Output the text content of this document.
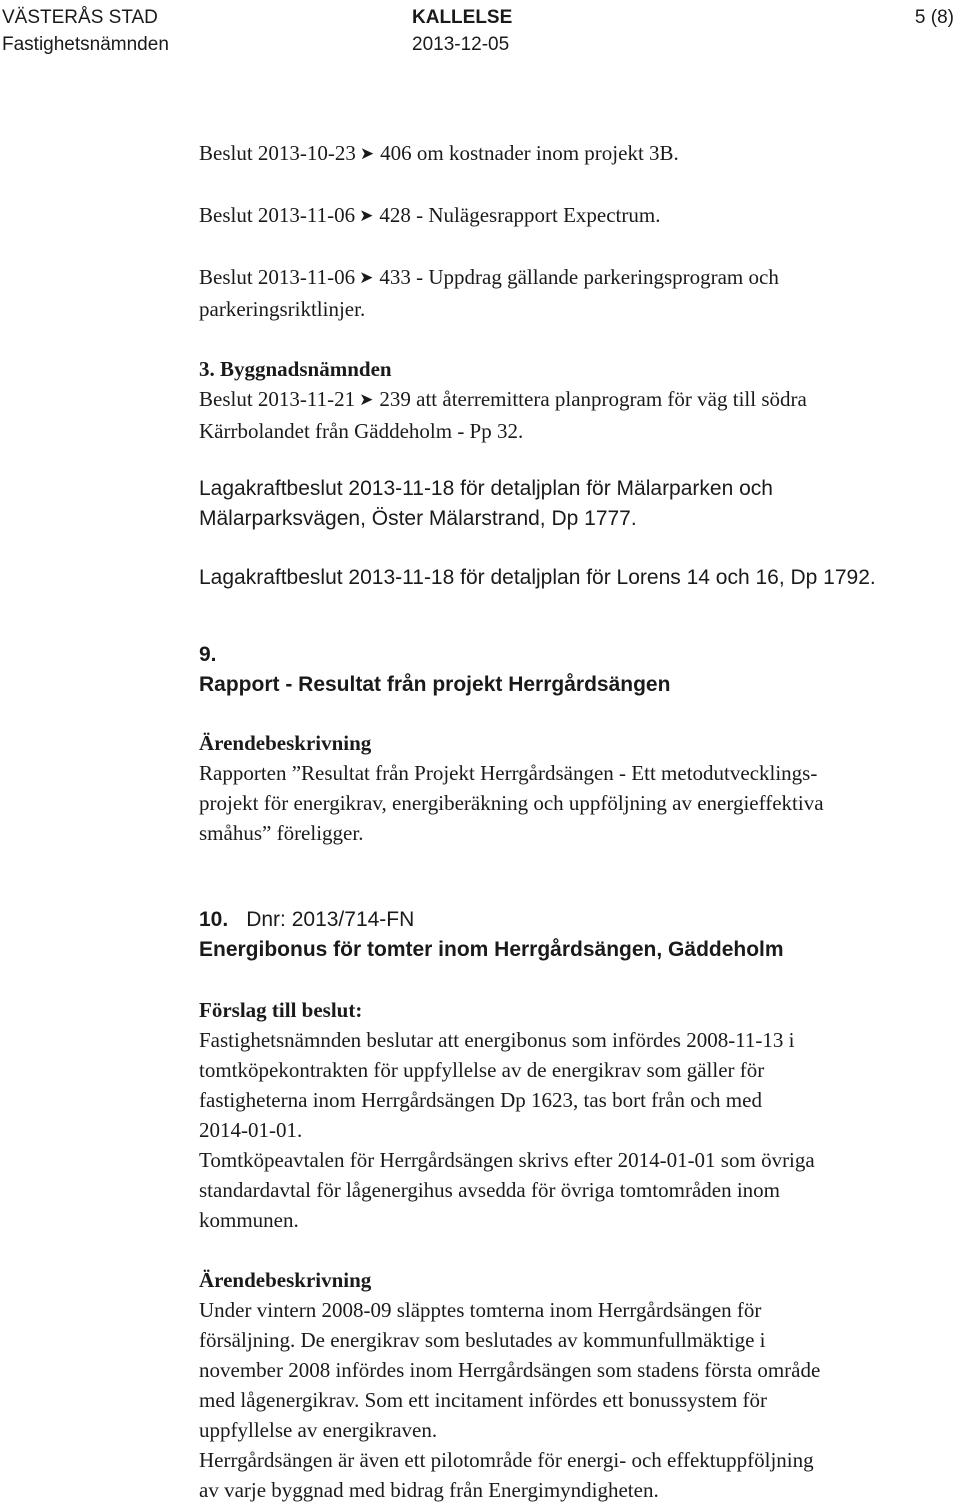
VÄSTERÅS STAD
Fastighetsnämnden
KALLELSE
2013-12-05
5 (8)

Beslut 2013-10-23 ➤ 406 om kostnader inom projekt 3B.

Beslut 2013-11-06 ➤ 428 - Nulägesrapport Expectrum.

Beslut 2013-11-06 ➤ 433 - Uppdrag gällande parkeringsprogram och
parkeringsriktlinjer.

3. Byggnadsnämnden

Beslut 2013-11-21 ➤ 239 att återremittera planprogram för väg till södra
Kärrbolandet från Gäddeholm - Pp 32.

Lagakraftbeslut 2013-11-18 för detaljplan för Mälarparken och
Mälarparksvägen, Öster Mälarstrand, Dp 1777.

Lagakraftbeslut 2013-11-18 för detaljplan för Lorens 14 och 16, Dp 1792.

9.

Rapport - Resultat från projekt Herrgårdsängen

Ärendebeskrivning

Rapporten ”Resultat från Projekt Herrgårdsängen - Ett metodutvecklings-
projekt för energikrav, energiberäkning och uppföljning av energieffektiva
småhus” föreligger.

10. Dnr: 2013/714-FN

Energibonus för tomter inom Herrgårdsängen, Gäddeholm

Förslag till beslut:

Fastighetsnämnden beslutar att energibonus som infördes 2008-11-13 i
tomtköpekontrakten för uppfyllelse av de energikrav som gäller för
fastigheterna inom Herrgårdsängen Dp 1623, tas bort från och med
2014-01-01.
Tomtköpeavtalen för Herrgårdsängen skrivs efter 2014-01-01 som övriga
standardavtal för lågenergihus avsedda för övriga tomtområden inom
kommunen.

Ärendebeskrivning

Under vintern 2008-09 släpptes tomterna inom Herrgårdsängen för
försäljning. De energikrav som beslutades av kommunfullmäktige i
november 2008 infördes inom Herrgårdsängen som stadens första område
med lågenergikrav. Som ett incitament infördes ett bonussystem för
uppfyllelse av energikraven.
Herrgårdsängen är även ett pilotområde för energi- och effektuppföljning
av varje byggnad med bidrag från Energimyndigheten.
